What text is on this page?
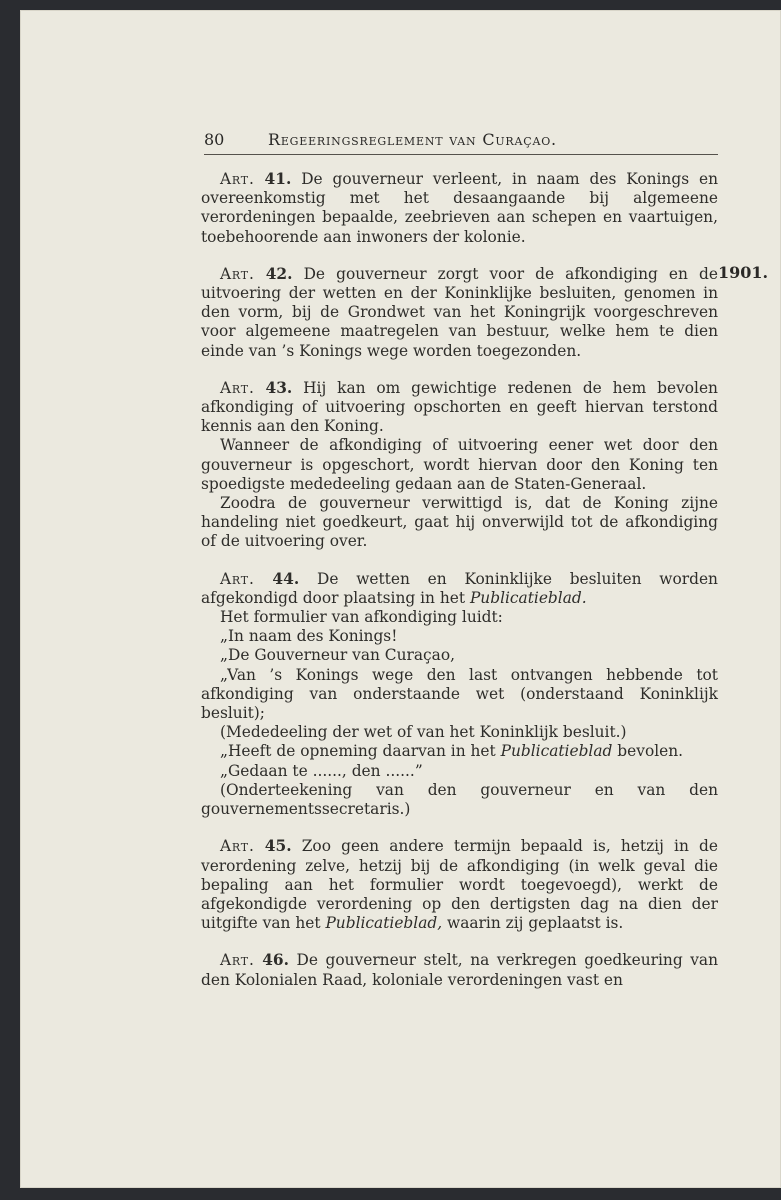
80	Regeeringsreglement van Curaçao.
1901.

Art. 41. De gouverneur verleent, in naam des Konings en overeenkomstig met het desaangaande bij algemeene verordeningen bepaalde, zeebrieven aan schepen en vaartuigen, toebehoorende aan inwoners der kolonie.

Art. 42. De gouverneur zorgt voor de afkondiging en de uitvoering der wetten en der Koninklijke besluiten, genomen in den vorm, bij de Grondwet van het Koningrijk voorgeschreven voor algemeene maatregelen van bestuur, welke hem te dien einde van ’s Konings wege worden toegezonden.

Art. 43. Hij kan om gewichtige redenen de hem bevolen afkondiging of uitvoering opschorten en geeft hiervan terstond kennis aan den Koning.

Wanneer de afkondiging of uitvoering eener wet door den gouverneur is opgeschort, wordt hiervan door den Koning ten spoedigste mededeeling gedaan aan de Staten-Generaal.

Zoodra de gouverneur verwittigd is, dat de Koning zijne handeling niet goedkeurt, gaat hij onverwijld tot de afkondiging of de uitvoering over.

Art. 44. De wetten en Koninklijke besluiten worden afgekondigd door plaatsing in het Publicatieblad.

Het formulier van afkondiging luidt:

„In naam des Konings!

„De Gouverneur van Curaçao,

„Van ’s Konings wege den last ontvangen hebbende tot afkondiging van onderstaande wet (onderstaand Koninklijk besluit);

(Mededeeling der wet of van het Koninklijk besluit.)

„Heeft de opneming daarvan in het Publicatieblad bevolen.

„Gedaan te ......, den ......”

(Onderteekening van den gouverneur en van den gouvernementssecretaris.)

Art. 45. Zoo geen andere termijn bepaald is, hetzij in de verordening zelve, hetzij bij de afkondiging (in welk geval die bepaling aan het formulier wordt toegevoegd), werkt de afgekondigde verordening op den dertigsten dag na dien der uitgifte van het Publicatieblad, waarin zij geplaatst is.

Art. 46. De gouverneur stelt, na verkregen goedkeuring van den Kolonialen Raad, koloniale verordeningen vast en
